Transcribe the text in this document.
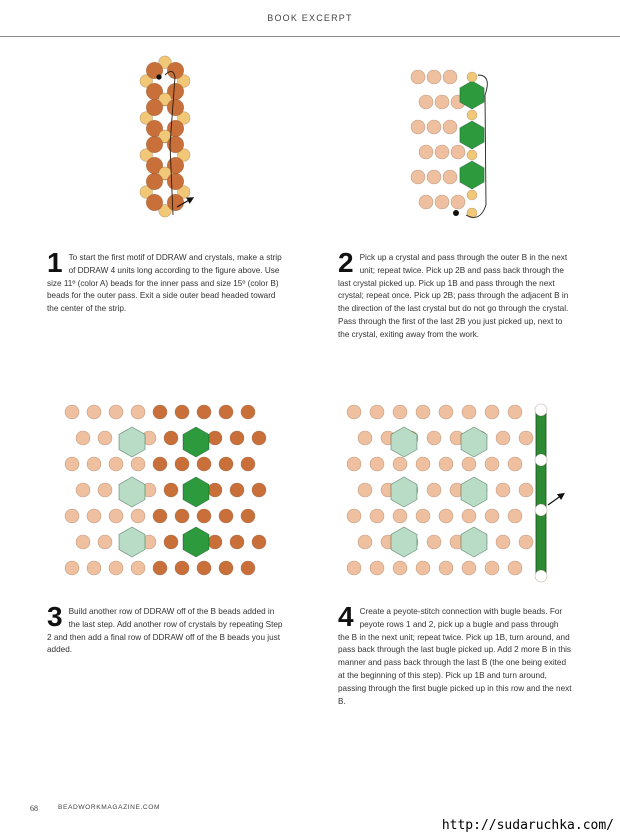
BOOK EXCERPT
1 To start the first motif of DDRAW and crystals, make a strip of DDRAW 4 units long according to the figure above. Use size 11º (color A) beads for the inner pass and size 15º (color B) beads for the outer pass. Exit a side outer bead headed toward the center of the strip.
2 Pick up a crystal and pass through the outer B in the next unit; repeat twice. Pick up 2B and pass back through the last crystal picked up. Pick up 1B and pass through the next crystal; repeat once. Pick up 2B; pass through the adjacent B in the direction of the last crystal but do not go through the crystal. Pass through the first of the last 2B you just picked up, next to the crystal, exiting away from the work.
3 Build another row of DDRAW off of the B beads added in the last step. Add another row of crystals by repeating Step 2 and then add a final row of DDRAW off of the B beads you just added.
4 Create a peyote-stitch connection with bugle beads. For peyote rows 1 and 2, pick up a bugle and pass through the B in the next unit; repeat twice. Pick up 1B, turn around, and pass back through the last bugle picked up. Add 2 more B in this manner and pass back through the last B (the one being exited at the beginning of this step). Pick up 1B and turn around, passing through the first bugle picked up in this row and the next B.
68	BEADWORKMAGAZINE.COM
http://sudaruchka.com/
